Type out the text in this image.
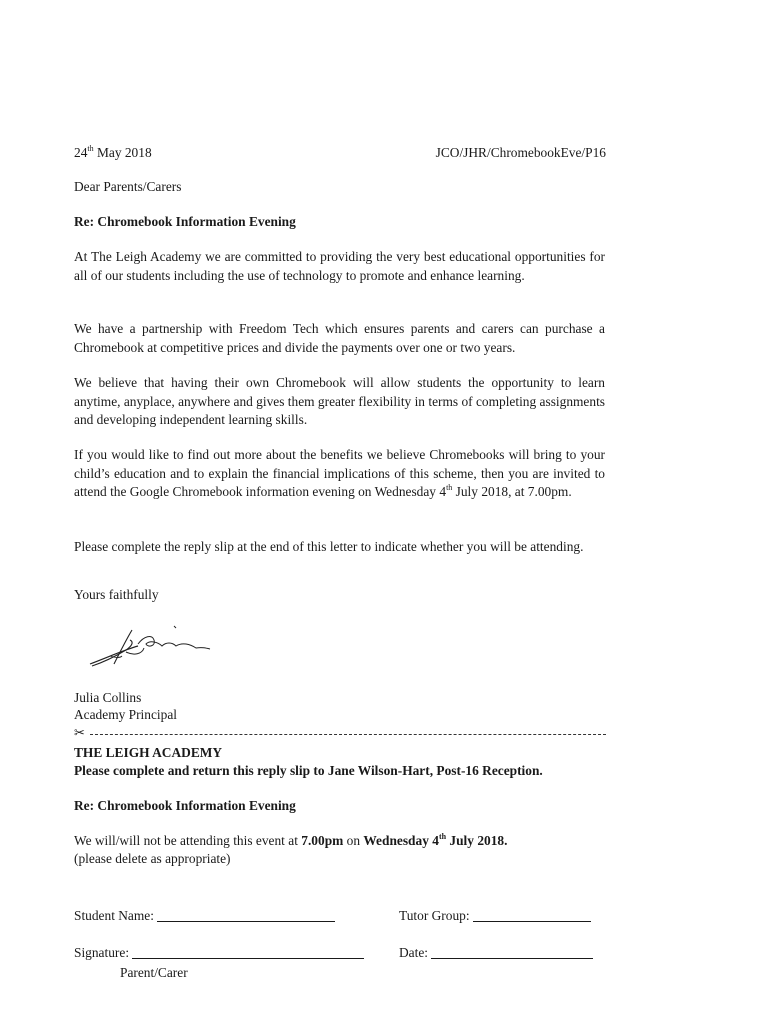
24th May 2018	JCO/JHR/ChromebookEve/P16
Dear Parents/Carers
Re: Chromebook Information Evening

At The Leigh Academy we are committed to providing the very best educational opportunities for all of our students including the use of technology to promote and enhance learning.

We have a partnership with Freedom Tech which ensures parents and carers can purchase a Chromebook at competitive prices and divide the payments over one or two years.

We believe that having their own Chromebook will allow students the opportunity to learn anytime, anyplace, anywhere and gives them greater flexibility in terms of completing assignments and developing independent learning skills.

If you would like to find out more about the benefits we believe Chromebooks will bring to your child’s education and to explain the financial implications of this scheme, then you are invited to attend the Google Chromebook information evening on Wednesday 4th July 2018, at 7.00pm.

Please complete the reply slip at the end of this letter to indicate whether you will be attending.

Yours faithfully
Julia Collins
Academy Principal
✂
THE LEIGH ACADEMY
Please complete and return this reply slip to Jane Wilson-Hart, Post-16 Reception.
Re: Chromebook Information Evening
We will/will not be attending this event at 7.00pm on Wednesday 4th July 2018.
(please delete as appropriate)
Student Name:	Tutor Group:
Signature:	Date:
Parent/Carer
